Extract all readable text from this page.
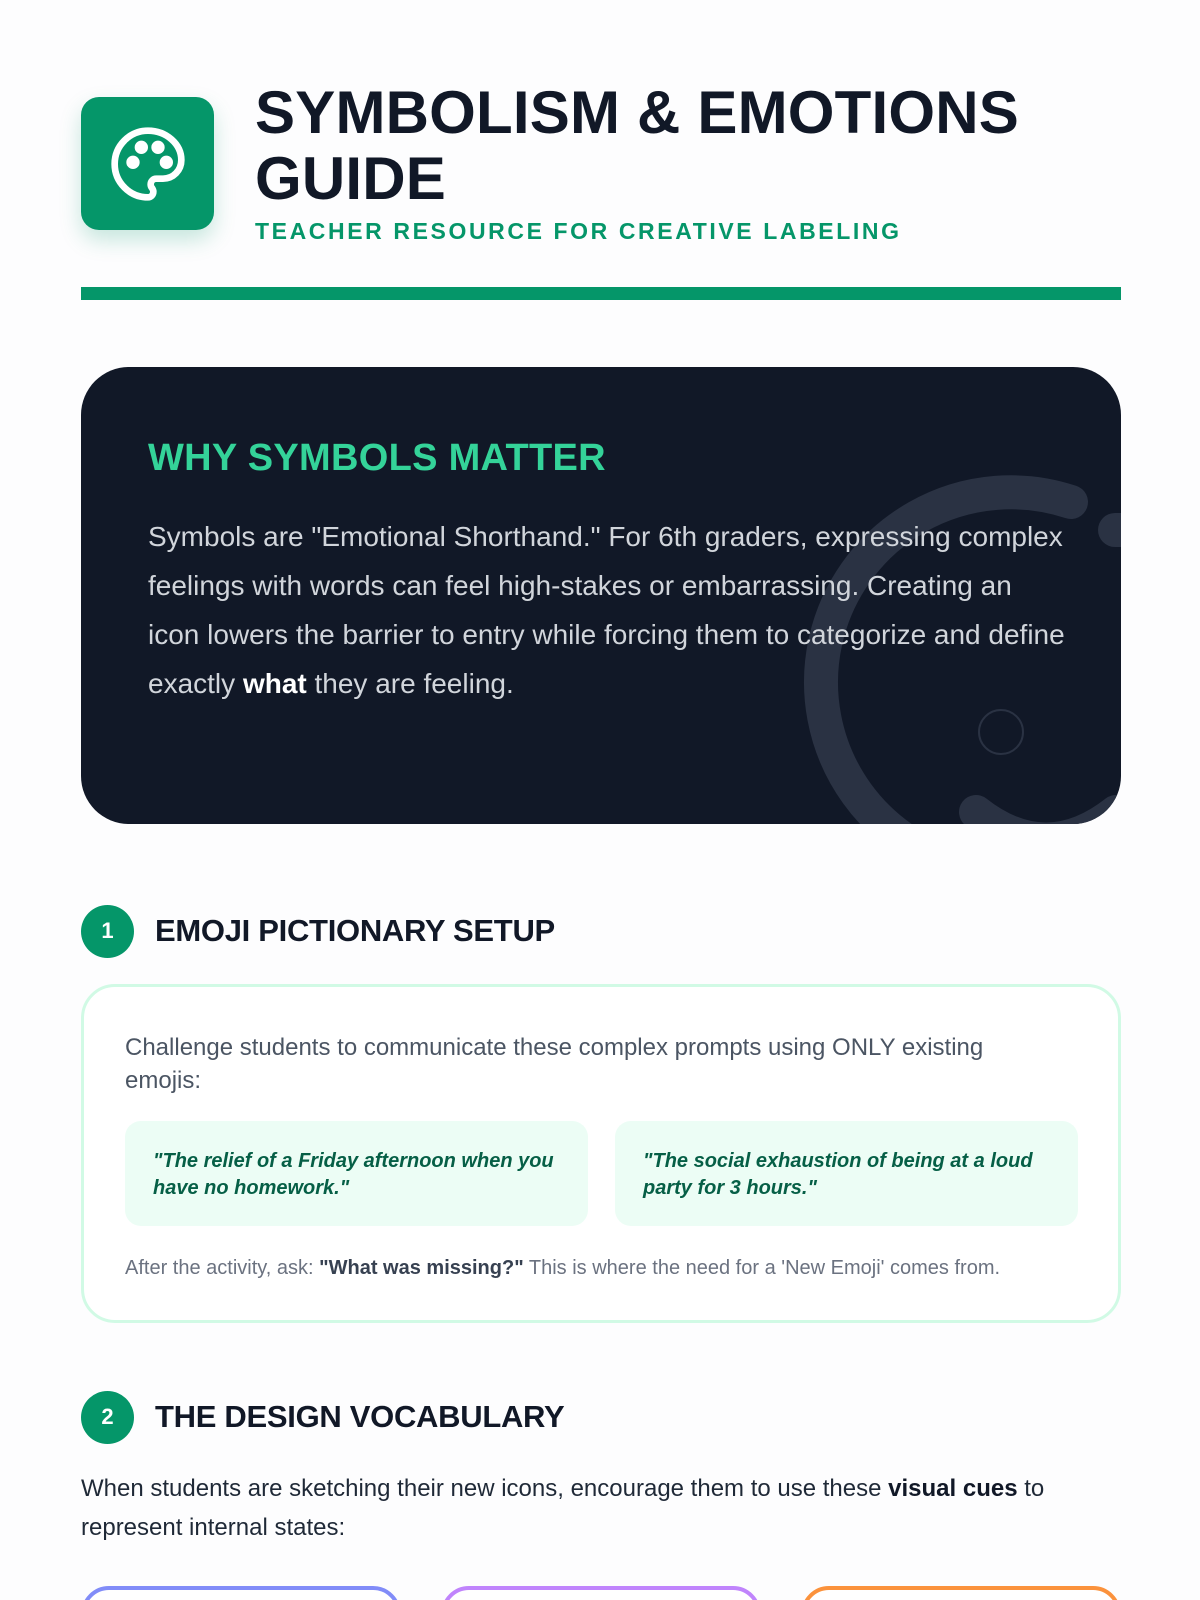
SYMBOLISM & EMOTIONS GUIDE
TEACHER RESOURCE FOR CREATIVE LABELING
WHY SYMBOLS MATTER

Symbols are "Emotional Shorthand." For 6th graders, expressing complex feelings with words can feel high-stakes or embarrassing. Creating an icon lowers the barrier to entry while forcing them to categorize and define exactly what they are feeling.

1	EMOJI PICTIONARY SETUP

Challenge students to communicate these complex prompts using ONLY existing emojis:

"The relief of a Friday afternoon when you have no homework."
"The social exhaustion of being at a loud party for 3 hours."

After the activity, ask: "What was missing?" This is where the need for a 'New Emoji' comes from.

2	THE DESIGN VOCABULARY

When students are sketching their new icons, encourage them to use these visual cues to represent internal states:
